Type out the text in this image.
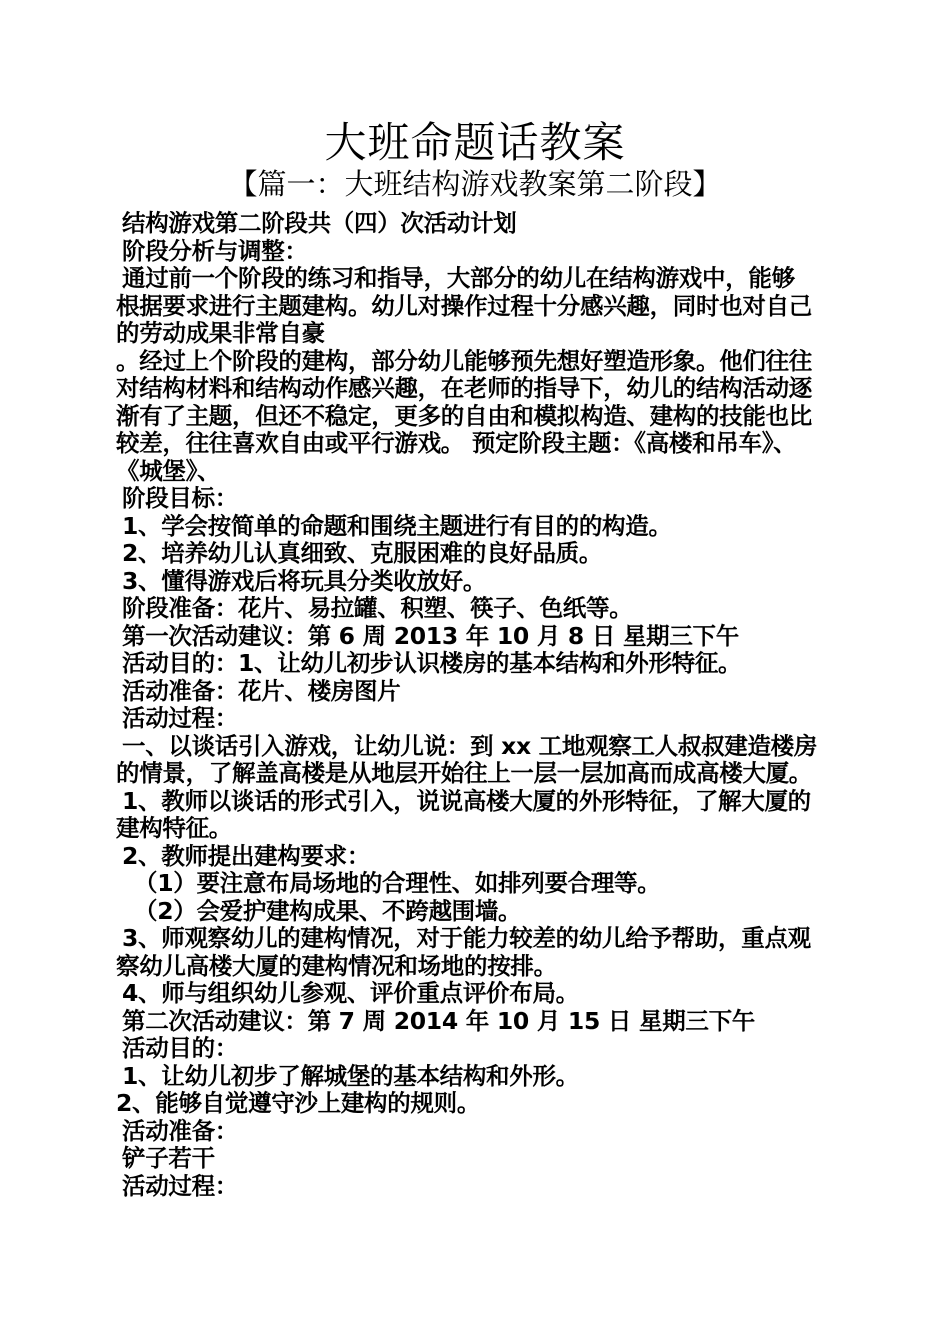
大班命题话教案
【篇一：大班结构游戏教案第二阶段】
结构游戏第二阶段共（四）次活动计划
阶段分析与调整：
通过前一个阶段的练习和指导，大部分的幼儿在结构游戏中，能够
根据要求进行主题建构。幼儿对操作过程十分感兴趣，同时也对自己
的劳动成果非常自豪
。经过上个阶段的建构，部分幼儿能够预先想好塑造形象。他们往往
对结构材料和结构动作感兴趣，在老师的指导下，幼儿的结构活动逐
渐有了主题，但还不稳定，更多的自由和模拟构造、建构的技能也比
较差，往往喜欢自由或平行游戏。 预定阶段主题：《高楼和吊车》、
《城堡》、
阶段目标：
1、学会按简单的命题和围绕主题进行有目的的构造。
2、培养幼儿认真细致、克服困难的良好品质。
3、懂得游戏后将玩具分类收放好。
阶段准备：花片、易拉罐、积塑、筷子、色纸等。
第一次活动建议：第 6 周 2013 年 10 月 8 日 星期三下午
活动目的：1、让幼儿初步认识楼房的基本结构和外形特征。
活动准备：花片、楼房图片
活动过程：
一、以谈话引入游戏，让幼儿说：到 xx 工地观察工人叔叔建造楼房
的情景，了解盖高楼是从地层开始往上一层一层加高而成高楼大厦。
1、教师以谈话的形式引入，说说高楼大厦的外形特征，了解大厦的
建构特征。
2、教师提出建构要求：
（1）要注意布局场地的合理性、如排列要合理等。
（2）会爱护建构成果、不跨越围墙。
3、师观察幼儿的建构情况，对于能力较差的幼儿给予帮助，重点观
察幼儿高楼大厦的建构情况和场地的按排。
4、师与组织幼儿参观、评价重点评价布局。
第二次活动建议：第 7 周 2014 年 10 月 15 日 星期三下午
活动目的：
1、让幼儿初步了解城堡的基本结构和外形。
2、能够自觉遵守沙上建构的规则。
活动准备：
铲子若干
活动过程：
